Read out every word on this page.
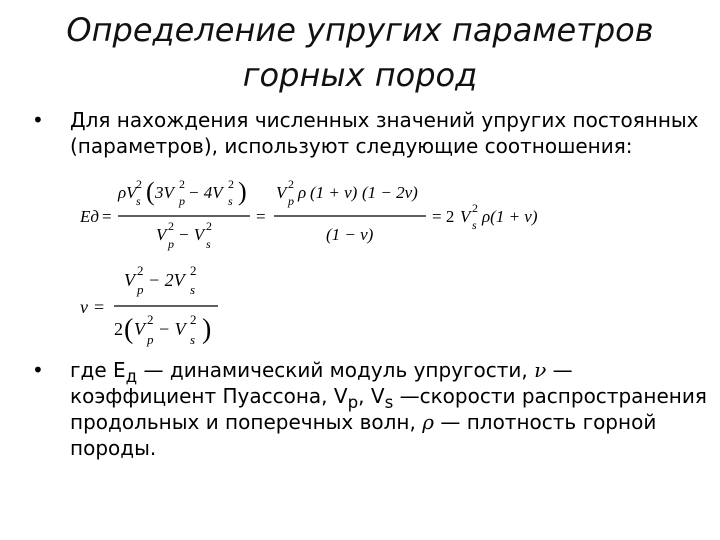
Определение упругих параметров
горных пород
• Для нахождения численных значений упругих постоянных
(параметров), используют следующие соотношения:
Eд =
ρV 2
s ( 3V 2
p − 4V 2
s )
V 2
p − V 2
s
=
V 2
p ρ (1 + ν) (1 − 2ν)
(1 − ν)
= 2 V 2
s ρ(1 + ν)
ν =
V 2
p − 2V 2
s
2 ( V 2
p
− V 2
s )
• где $E_д$ — динамический модуль упругости, ν —
коэффициент Пуассона, $V_p$, $V_s$ —скорости распространения
продольных и поперечных волн, ρ — плотность горной
породы.
